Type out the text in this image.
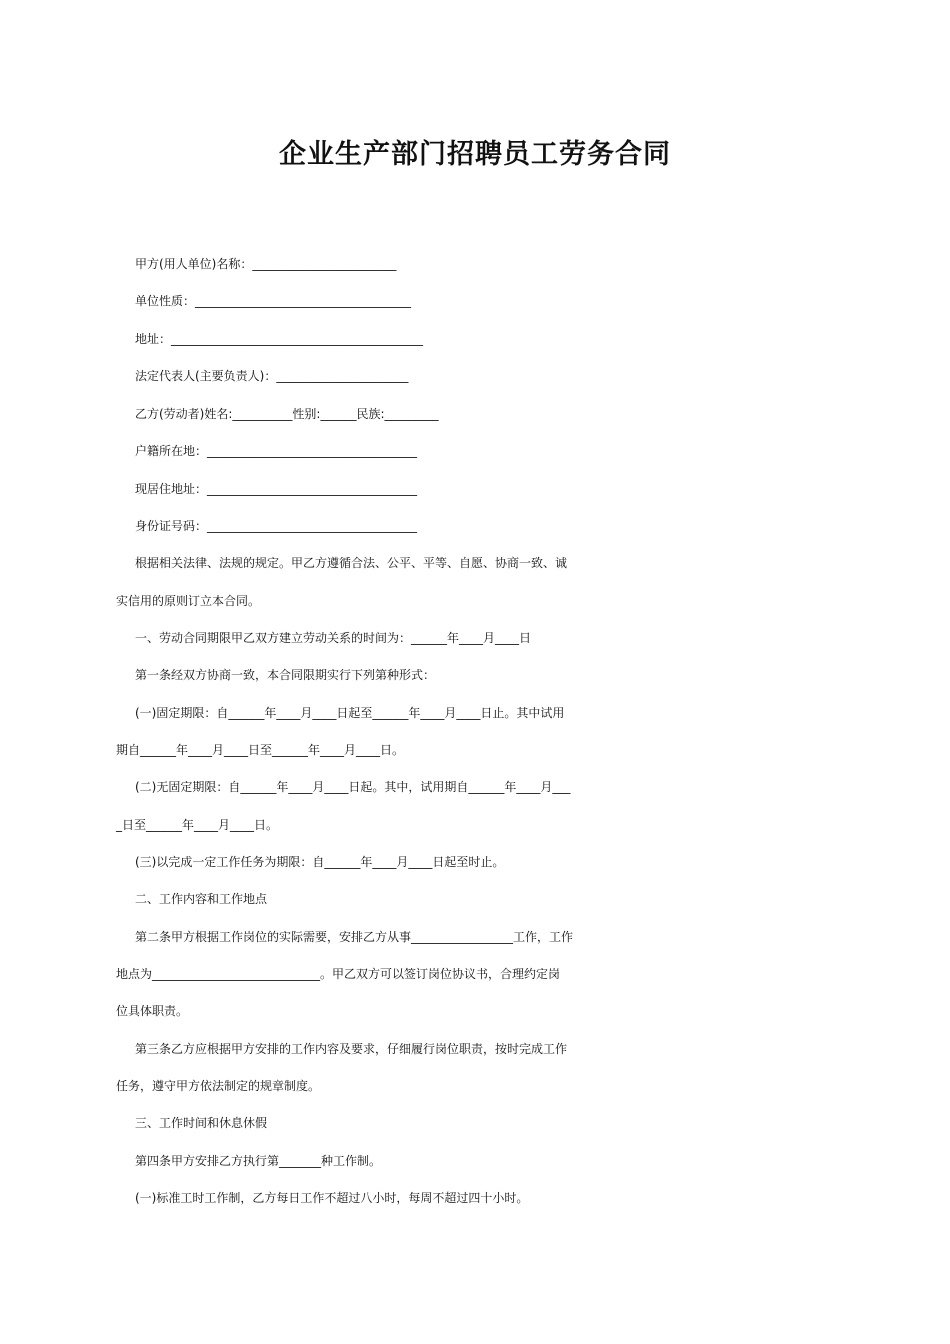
企业生产部门招聘员工劳务合同
甲方(用人单位)名称：________________________
单位性质：____________________________________
地址：__________________________________________
法定代表人(主要负责人)：______________________
乙方(劳动者)姓名:__________性别:______民族:_________
户籍所在地：___________________________________
现居住地址：___________________________________
身份证号码：___________________________________
根据相关法律、法规的规定。甲乙方遵循合法、公平、平等、自愿、协商一致、诚
实信用的原则订立本合同。
一、劳动合同期限甲乙双方建立劳动关系的时间为：______年____月____日
第一条经双方协商一致，本合同限期实行下列第种形式：
(一)固定期限：自______年____月____日起至______年____月____日止。其中试用
期自______年____月____日至______年____月____日。
(二)无固定期限：自______年____月____日起。其中，试用期自______年____月___
_日至______年____月____日。
(三)以完成一定工作任务为期限：自______年____月____日起至时止。
二、工作内容和工作地点
第二条甲方根据工作岗位的实际需要，安排乙方从事_________________工作，工作
地点为____________________________。甲乙双方可以签订岗位协议书，合理约定岗
位具体职责。
第三条乙方应根据甲方安排的工作内容及要求，仔细履行岗位职责，按时完成工作
任务，遵守甲方依法制定的规章制度。
三、工作时间和休息休假
第四条甲方安排乙方执行第_______种工作制。
(一)标准工时工作制，乙方每日工作不超过八小时，每周不超过四十小时。
